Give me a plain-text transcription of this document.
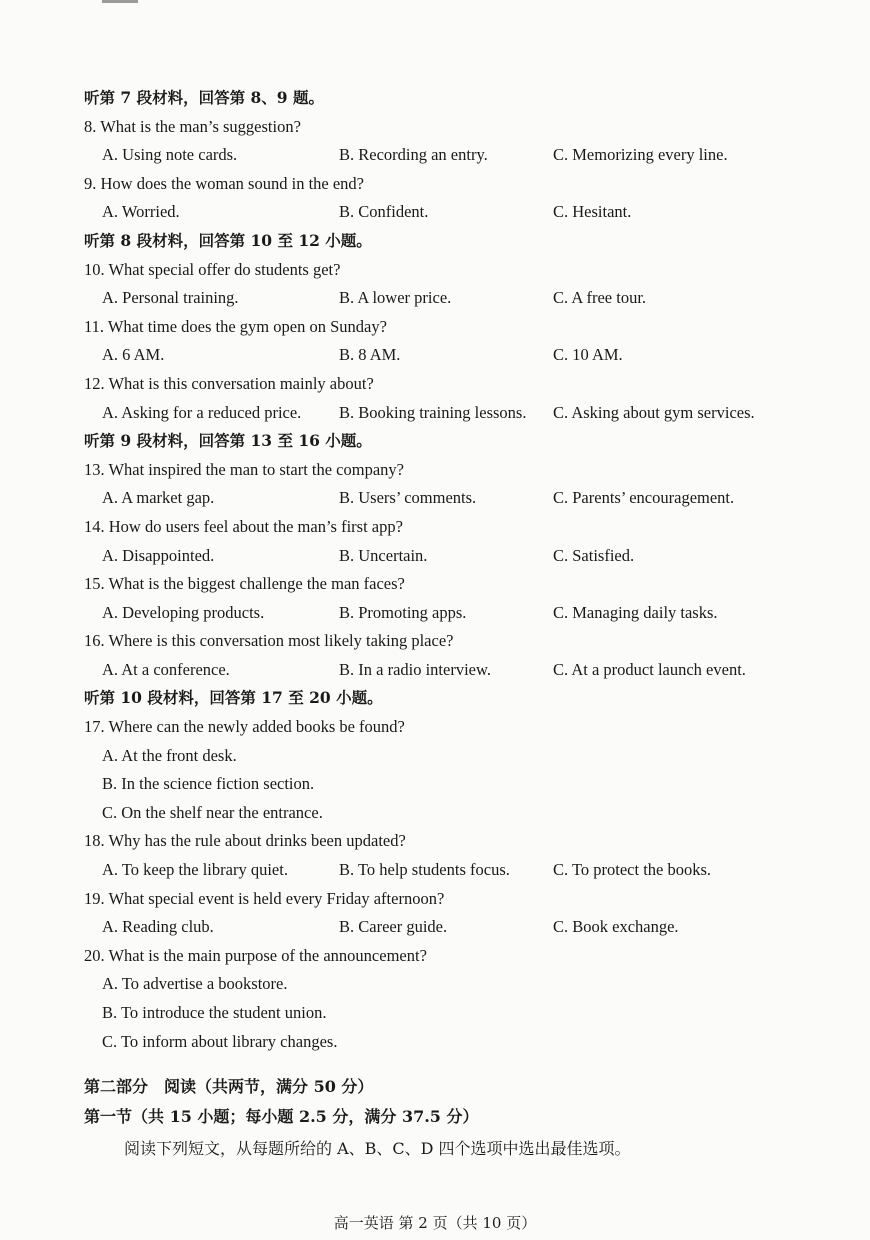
听第 7 段材料，回答第 8、9 题。
8. What is the man’s suggestion?
A. Using note cards.	B. Recording an entry.	C. Memorizing every line.
9. How does the woman sound in the end?
A. Worried.	B. Confident.	C. Hesitant.
听第 8 段材料，回答第 10 至 12 小题。
10. What special offer do students get?
A. Personal training.	B. A lower price.	C. A free tour.
11. What time does the gym open on Sunday?
A. 6 AM.	B. 8 AM.	C. 10 AM.
12. What is this conversation mainly about?
A. Asking for a reduced price. B. Booking training lessons. C. Asking about gym services.
听第 9 段材料，回答第 13 至 16 小题。
13. What inspired the man to start the company?
A. A market gap.	B. Users’ comments.	C. Parents’ encouragement.
14. How do users feel about the man’s first app?
A. Disappointed.	B. Uncertain.	C. Satisfied.
15. What is the biggest challenge the man faces?
A. Developing products.	B. Promoting apps.	C. Managing daily tasks.
16. Where is this conversation most likely taking place?
A. At a conference.	B. In a radio interview.	C. At a product launch event.
听第 10 段材料，回答第 17 至 20 小题。
17. Where can the newly added books be found?
A. At the front desk.
B. In the science fiction section.
C. On the shelf near the entrance.
18. Why has the rule about drinks been updated?
A. To keep the library quiet.	B. To help students focus.	C. To protect the books.
19. What special event is held every Friday afternoon?
A. Reading club.	B. Career guide.	C. Book exchange.
20. What is the main purpose of the announcement?
A. To advertise a bookstore.
B. To introduce the student union.
C. To inform about library changes.
第二部分　阅读（共两节，满分 50 分）
第一节（共 15 小题；每小题 2.5 分，满分 37.5 分）
阅读下列短文，从每题所给的 A、B、C、D 四个选项中选出最佳选项。
高一英语 第 2 页（共 10 页）
